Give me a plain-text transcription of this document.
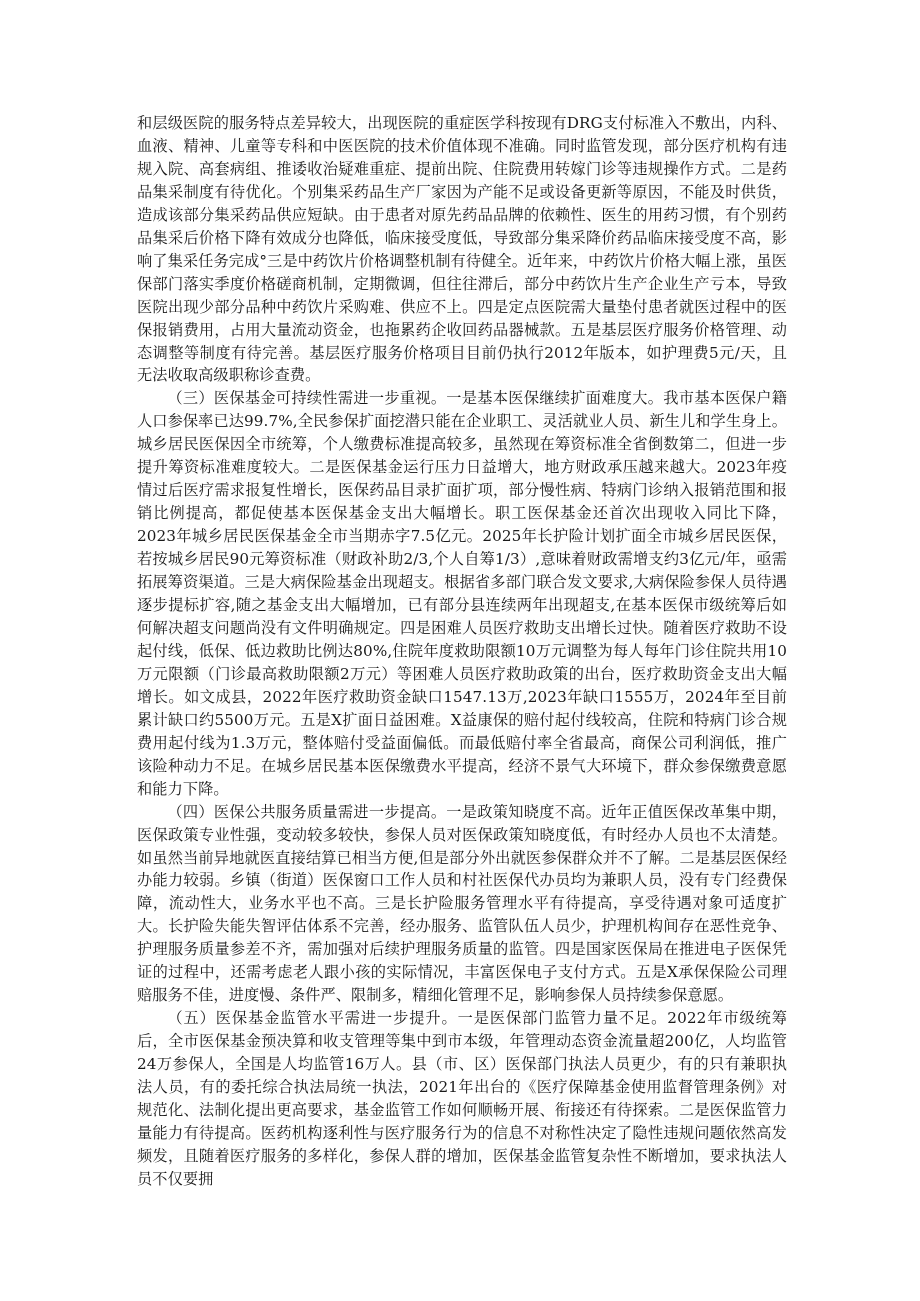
和层级医院的服务特点差异较大，出现医院的重症医学科按现有DRG支付标准入不敷出，内科、血液、精神、儿童等专科和中医医院的技术价值体现不准确。同时监管发现，部分医疗机构有违规入院、高套病组、推诿收治疑难重症、提前出院、住院费用转嫁门诊等违规操作方式。二是药品集采制度有待优化。个别集采药品生产厂家因为产能不足或设备更新等原因，不能及时供货，造成该部分集采药品供应短缺。由于患者对原先药品品牌的依赖性、医生的用药习惯，有个别药品集采后价格下降有效成分也降低，临床接受度低，导致部分集采降价药品临床接受度不高，影响了集采任务完成°三是中药饮片价格调整机制有待健全。近年来，中药饮片价格大幅上涨，虽医保部门落实季度价格磋商机制，定期微调，但往往滞后，部分中药饮片生产企业生产亏本，导致医院出现少部分品种中药饮片采购难、供应不上。四是定点医院需大量垫付患者就医过程中的医保报销费用，占用大量流动资金，也拖累药企收回药品器械款。五是基层医疗服务价格管理、动态调整等制度有待完善。基层医疗服务价格项目目前仍执行2012年版本，如护理费5元/天，且无法收取高级职称诊查费。

（三）医保基金可持续性需进一步重视。一是基本医保继续扩面难度大。我市基本医保户籍人口参保率已达99.7%,全民参保扩面挖潜只能在企业职工、灵活就业人员、新生儿和学生身上。城乡居民医保因全市统筹，个人缴费标准提高较多，虽然现在筹资标准全省倒数第二，但进一步提升筹资标准难度较大。二是医保基金运行压力日益增大，地方财政承压越来越大。2023年疫情过后医疗需求报复性增长，医保药品目录扩面扩项，部分慢性病、特病门诊纳入报销范围和报销比例提高，都促使基本医保基金支出大幅增长。职工医保基金还首次出现收入同比下降，2023年城乡居民医保基金全市当期赤字7.5亿元。2025年长护险计划扩面全市城乡居民医保，若按城乡居民90元筹资标准（财政补助2/3,个人自筹1/3）,意味着财政需增支约3亿元/年，亟需拓展筹资渠道。三是大病保险基金出现超支。根据省多部门联合发文要求,大病保险参保人员待遇逐步提标扩容,随之基金支出大幅增加，已有部分县连续两年出现超支,在基本医保市级统筹后如何解决超支问题尚没有文件明确规定。四是困难人员医疗救助支出增长过快。随着医疗救助不设起付线，低保、低边救助比例达80%,住院年度救助限额10万元调整为每人每年门诊住院共用10万元限额（门诊最高救助限额2万元）等困难人员医疗救助政策的出台，医疗救助资金支出大幅增长。如文成县，2022年医疗救助资金缺口1547.13万,2023年缺口1555万，2024年至目前累计缺口约5500万元。五是X扩面日益困难。X益康保的赔付起付线较高，住院和特病门诊合规费用起付线为1.3万元，整体赔付受益面偏低。而最低赔付率全省最高，商保公司利润低，推广该险种动力不足。在城乡居民基本医保缴费水平提高，经济不景气大环境下，群众参保缴费意愿和能力下降。

（四）医保公共服务质量需进一步提高。一是政策知晓度不高。近年正值医保改革集中期，医保政策专业性强，变动较多较快，参保人员对医保政策知晓度低，有时经办人员也不太清楚。如虽然当前异地就医直接结算已相当方便,但是部分外出就医参保群众并不了解。二是基层医保经办能力较弱。乡镇（街道）医保窗口工作人员和村社医保代办员均为兼职人员，没有专门经费保障，流动性大，业务水平也不高。三是长护险服务管理水平有待提高，享受待遇对象可适度扩大。长护险失能失智评估体系不完善，经办服务、监管队伍人员少，护理机构间存在恶性竞争、护理服务质量参差不齐，需加强对后续护理服务质量的监管。四是国家医保局在推进电子医保凭证的过程中，还需考虑老人跟小孩的实际情况，丰富医保电子支付方式。五是X承保保险公司理赔服务不佳，进度慢、条件严、限制多，精细化管理不足，影响参保人员持续参保意愿。

（五）医保基金监管水平需进一步提升。一是医保部门监管力量不足。2022年市级统筹后，全市医保基金预决算和收支管理等集中到市本级，年管理动态资金流量超200亿，人均监管24万参保人，全国是人均监管16万人。县（市、区）医保部门执法人员更少，有的只有兼职执法人员，有的委托综合执法局统一执法，2021年出台的《医疗保障基金使用监督管理条例》对规范化、法制化提出更高要求，基金监管工作如何顺畅开展、衔接还有待探索。二是医保监管力量能力有待提高。医药机构逐利性与医疗服务行为的信息不对称性决定了隐性违规问题依然高发频发，且随着医疗服务的多样化，参保人群的增加，医保基金监管复杂性不断增加，要求执法人员不仅要拥
